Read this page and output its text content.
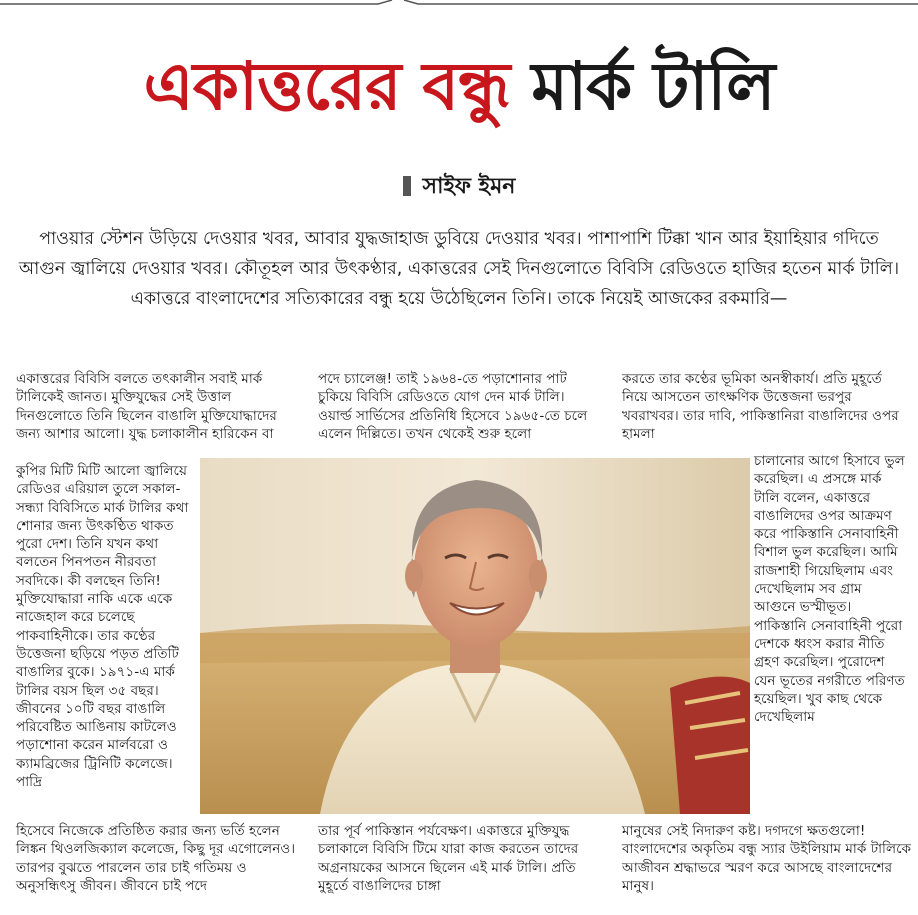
একাত্তরের বন্ধু মার্ক টালি
সাইফ ইমন

পাওয়ার স্টেশন উড়িয়ে দেওয়ার খবর, আবার যুদ্ধজাহাজ ডুবিয়ে দেওয়ার খবর। পাশাপাশি টিক্কা খান আর ইয়াহিয়ার গদিতে আগুন জ্বালিয়ে দেওয়ার খবর। কৌতূহল আর উৎকণ্ঠার, একাত্তরের সেই দিনগুলোতে বিবিসি রেডিওতে হাজির হতেন মার্ক টালি। একাত্তরে বাংলাদেশের সত্যিকারের বন্ধু হয়ে উঠেছিলেন তিনি। তাকে নিয়েই আজকের রকমারি—

একাত্তরের বিবিসি বলতে তৎকালীন সবাই মার্ক টালিকেই জানত। মুক্তিযুদ্ধের সেই উত্তাল দিনগুলোতে তিনি ছিলেন বাঙালি মুক্তিযোদ্ধাদের জন্য আশার আলো। যুদ্ধ চলাকালীন হারিকেন বা

কুপির মিটি মিটি আলো জ্বালিয়ে রেডিওর এরিয়াল তুলে সকাল-সন্ধ্যা বিবিসিতে মার্ক টালির কথা শোনার জন্য উৎকণ্ঠিত থাকত পুরো দেশ। তিনি যখন কথা বলতেন পিনপতন নীরবতা সবদিকে। কী বলছেন তিনি! মুক্তিযোদ্ধারা নাকি একে একে নাজেহাল করে চলেছে পাকবাহিনীকে। তার কণ্ঠের উত্তেজনা ছড়িয়ে পড়ত প্রতিটি বাঙালির বুকে। ১৯৭১-এ মার্ক টালির বয়স ছিল ৩৫ বছর। জীবনের ১০টি বছর বাঙালি পরিবেষ্টিত আঙিনায় কাটলেও পড়াশোনা করেন মার্লবরো ও ক্যামব্রিজের ট্রিনিটি কলেজে। পাদ্রি

হিসেবে নিজেকে প্রতিষ্ঠিত করার জন্য ভর্তি হলেন লিঙ্কন থিওলজিক্যাল কলেজে, কিছু দূর এগোলেনও। তারপর বুঝতে পারলেন তার চাই গতিময় ও অনুসন্ধিৎসু জীবন। জীবনে চাই পদে

পদে চ্যালেঞ্জ! তাই ১৯৬৪-তে পড়াশোনার পাট চুকিয়ে বিবিসি রেডিওতে যোগ দেন মার্ক টালি। ওয়ার্ল্ড সার্ভিসের প্রতিনিধি হিসেবে ১৯৬৫-তে চলে এলেন দিল্লিতে। তখন থেকেই শুরু হলো

তার পূর্ব পাকিস্তান পর্যবেক্ষণ। একাত্তরে মুক্তিযুদ্ধ চলাকালে বিবিসি টিমে যারা কাজ করতেন তাদের অগ্রনায়কের আসনে ছিলেন এই মার্ক টালি। প্রতি মুহূর্তে বাঙালিদের চাঙ্গা

করতে তার কণ্ঠের ভূমিকা অনস্বীকার্য। প্রতি মুহূর্তে নিয়ে আসতেন তাৎক্ষণিক উত্তেজনা ভরপুর খবরাখবর। তার দাবি, পাকিস্তানিরা বাঙালিদের ওপর হামলা

চালানোর আগে হিসাবে ভুল করেছিল। এ প্রসঙ্গে মার্ক টালি বলেন, একাত্তরে বাঙালিদের ওপর আক্রমণ করে পাকিস্তানি সেনাবাহিনী বিশাল ভুল করেছিল। আমি রাজশাহী গিয়েছিলাম এবং দেখেছিলাম সব গ্রাম আগুনে ভস্মীভূত। পাকিস্তানি সেনাবাহিনী পুরো দেশকে ধ্বংস করার নীতি গ্রহণ করেছিল। পুরোদেশ যেন ভূতের নগরীতে পরিণত হয়েছিল। খুব কাছ থেকে দেখেছিলাম

মানুষের সেই নিদারুণ কষ্ট। দগদগে ক্ষতগুলো! বাংলাদেশের অকৃতিম বন্ধু স্যার উইলিয়াম মার্ক টালিকে আজীবন শ্রদ্ধাভরে স্মরণ করে আসছে বাংলাদেশের মানুষ।
